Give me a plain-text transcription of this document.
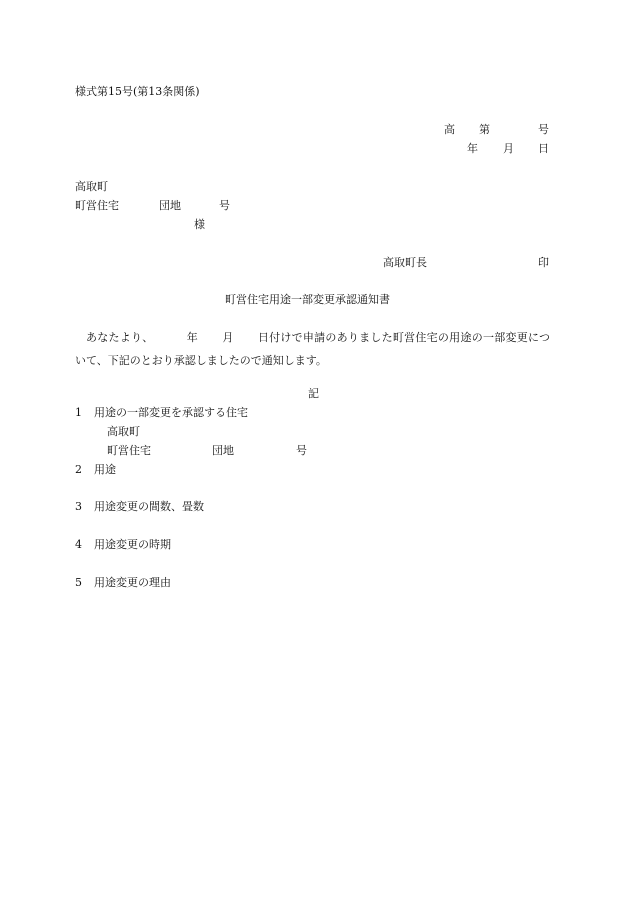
様式第15号(第13条関係)
高 第	号
年 月 日
高取町
町営住宅	団地	号
様
高取町長	印
町営住宅用途一部変更承認通知書
あなたより、	年 月 日付けで申請のありました町営住宅の用途の一部変更について、下記のとおり承認しましたので通知します。
記
1 用途の一部変更を承認する住宅
高取町
町営住宅	団地	号
2 用途
3 用途変更の間数、畳数
4 用途変更の時期
5 用途変更の理由
